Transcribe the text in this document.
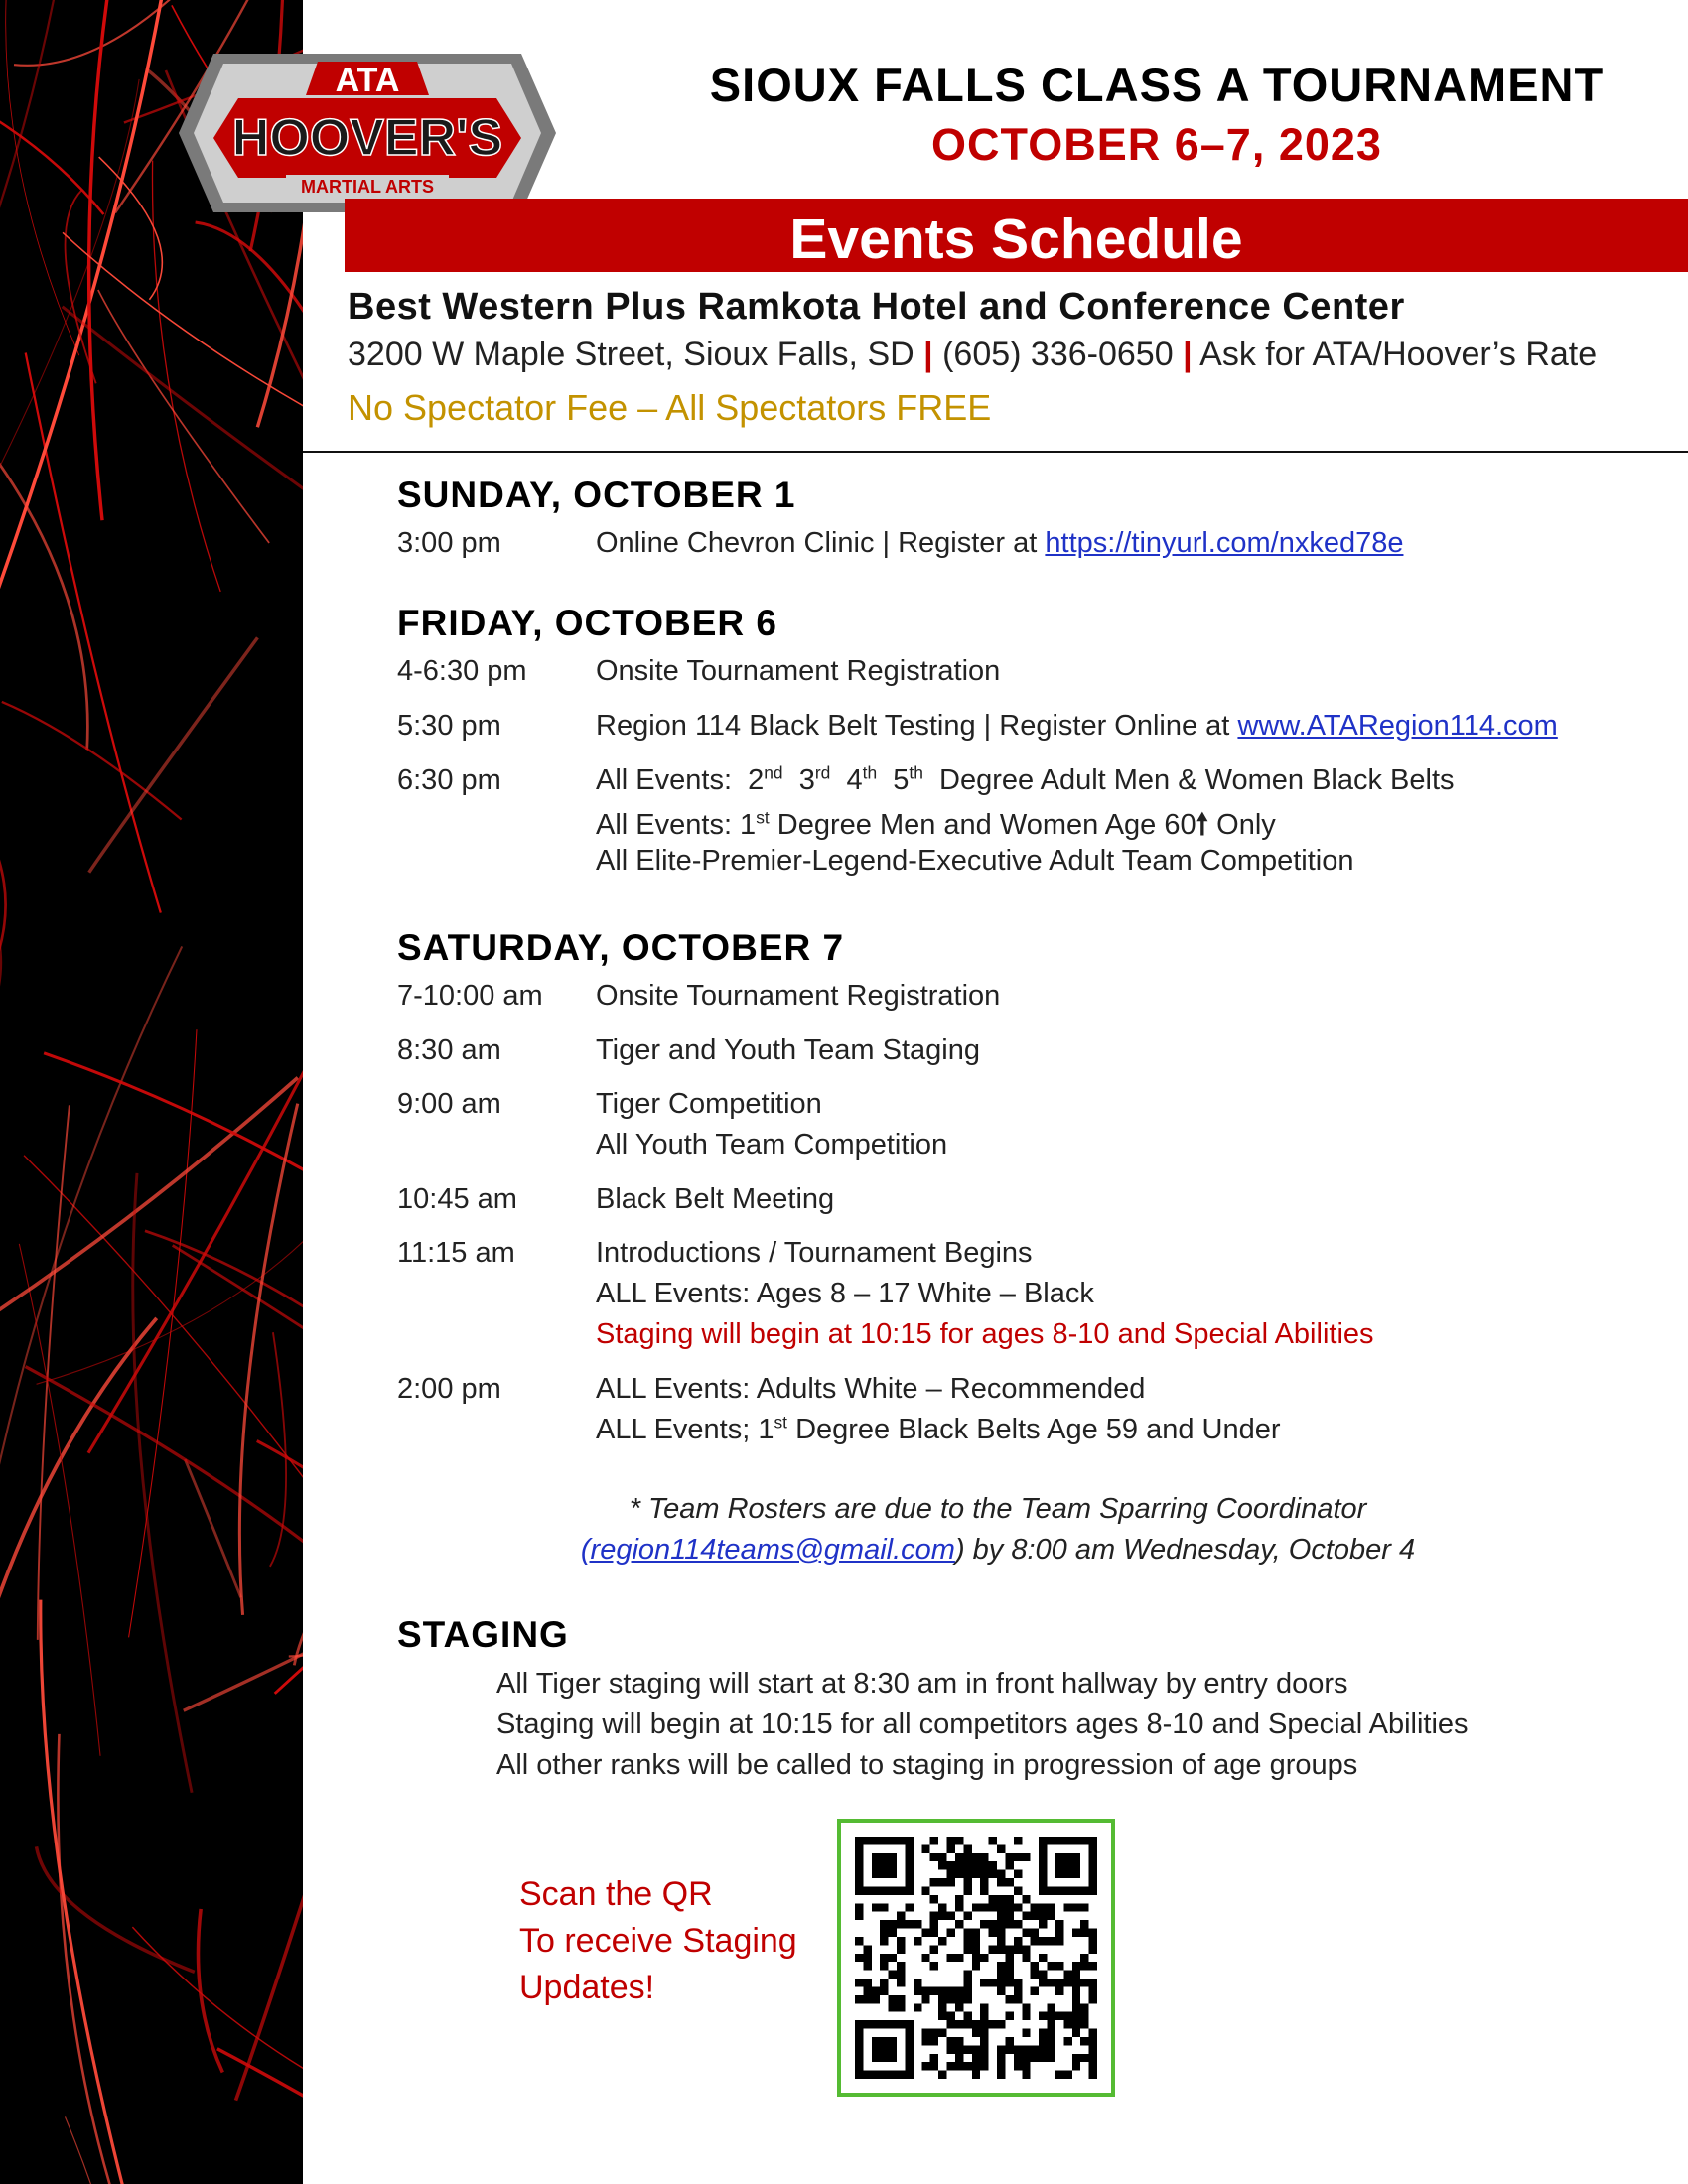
ATA
HOOVER'S
MARTIAL ARTS
SIOUX FALLS CLASS A TOURNAMENT
OCTOBER 6–7, 2023
Events Schedule
Best Western Plus Ramkota Hotel and Conference Center
3200 W Maple Street, Sioux Falls, SD | (605) 336-0650 | Ask for ATA/Hoover’s Rate
No Spectator Fee – All Spectators FREE
SUNDAY, OCTOBER 1
3:00 pm	Online Chevron Clinic | Register at https://tinyurl.com/nxked78e
FRIDAY, OCTOBER 6
4-6:30 pm Onsite Tournament Registration
5:30 pm	Region 114 Black Belt Testing | Register Online at www.ATARegion114.com
6:30 pm	All Events: 2nd 3rd 4th 5th Degree Adult Men & Women Black Belts
All Events: 1st Degree Men and Women Age 60🠕 Only
All Elite-Premier-Legend-Executive Adult Team Competition
SATURDAY, OCTOBER 7
7-10:00 am Onsite Tournament Registration
8:30 am	Tiger and Youth Team Staging
9:00 am	Tiger Competition
All Youth Team Competition
10:45 am	Black Belt Meeting
11:15 am	Introductions / Tournament Begins
ALL Events: Ages 8 – 17 White – Black
Staging will begin at 10:15 for ages 8-10 and Special Abilities
2:00 pm	ALL Events: Adults White – Recommended
ALL Events; 1st Degree Black Belts Age 59 and Under
* Team Rosters are due to the Team Sparring Coordinator
(region114teams@gmail.com) by 8:00 am Wednesday, October 4
STAGING
All Tiger staging will start at 8:30 am in front hallway by entry doors
Staging will begin at 10:15 for all competitors ages 8-10 and Special Abilities
All other ranks will be called to staging in progression of age groups
Scan the QR
To receive Staging
Updates!
